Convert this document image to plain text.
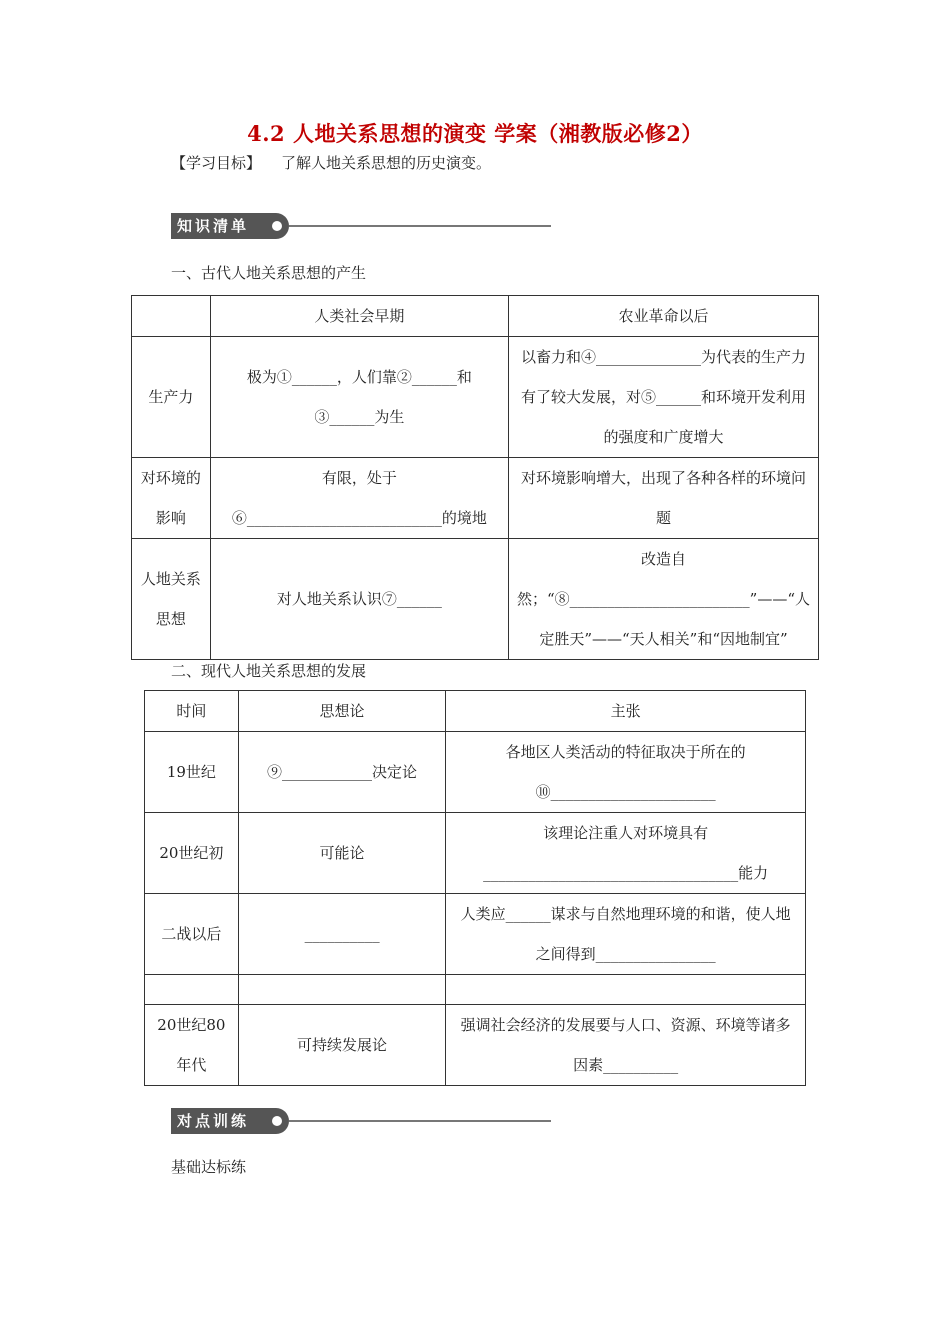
4.2 人地关系思想的演变 学案（湘教版必修2）
【学习目标】 了解人地关系思想的历史演变。
知识清单
一、古代人地关系思想的产生
	人类社会早期	农业革命以后
生产力	极为①______，人们靠②______和③______为生	以畜力和④______________为代表的生产力有了较大发展，对⑤______和环境开发利用的强度和广度增大
对环境的影响	有限，处于⑥__________________________的境地	对环境影响增大，出现了各种各样的环境问题
人地关系思想	对人地关系认识⑦______	改造自然；“⑧________________________”——“人定胜天”——“天人相关”和“因地制宜”
二、现代人地关系思想的发展
时间	思想论	主张
19世纪	⑨____________决定论	各地区人类活动的特征取决于所在的⑩______________________
20世纪初	可能论	该理论注重人对环境具有__________________________________能力
二战以后	__________	人类应______谋求与自然地理环境的和谐，使人地之间得到________________

20世纪80年代	可持续发展论	强调社会经济的发展要与人口、资源、环境等诸多因素__________
对点训练
基础达标练
